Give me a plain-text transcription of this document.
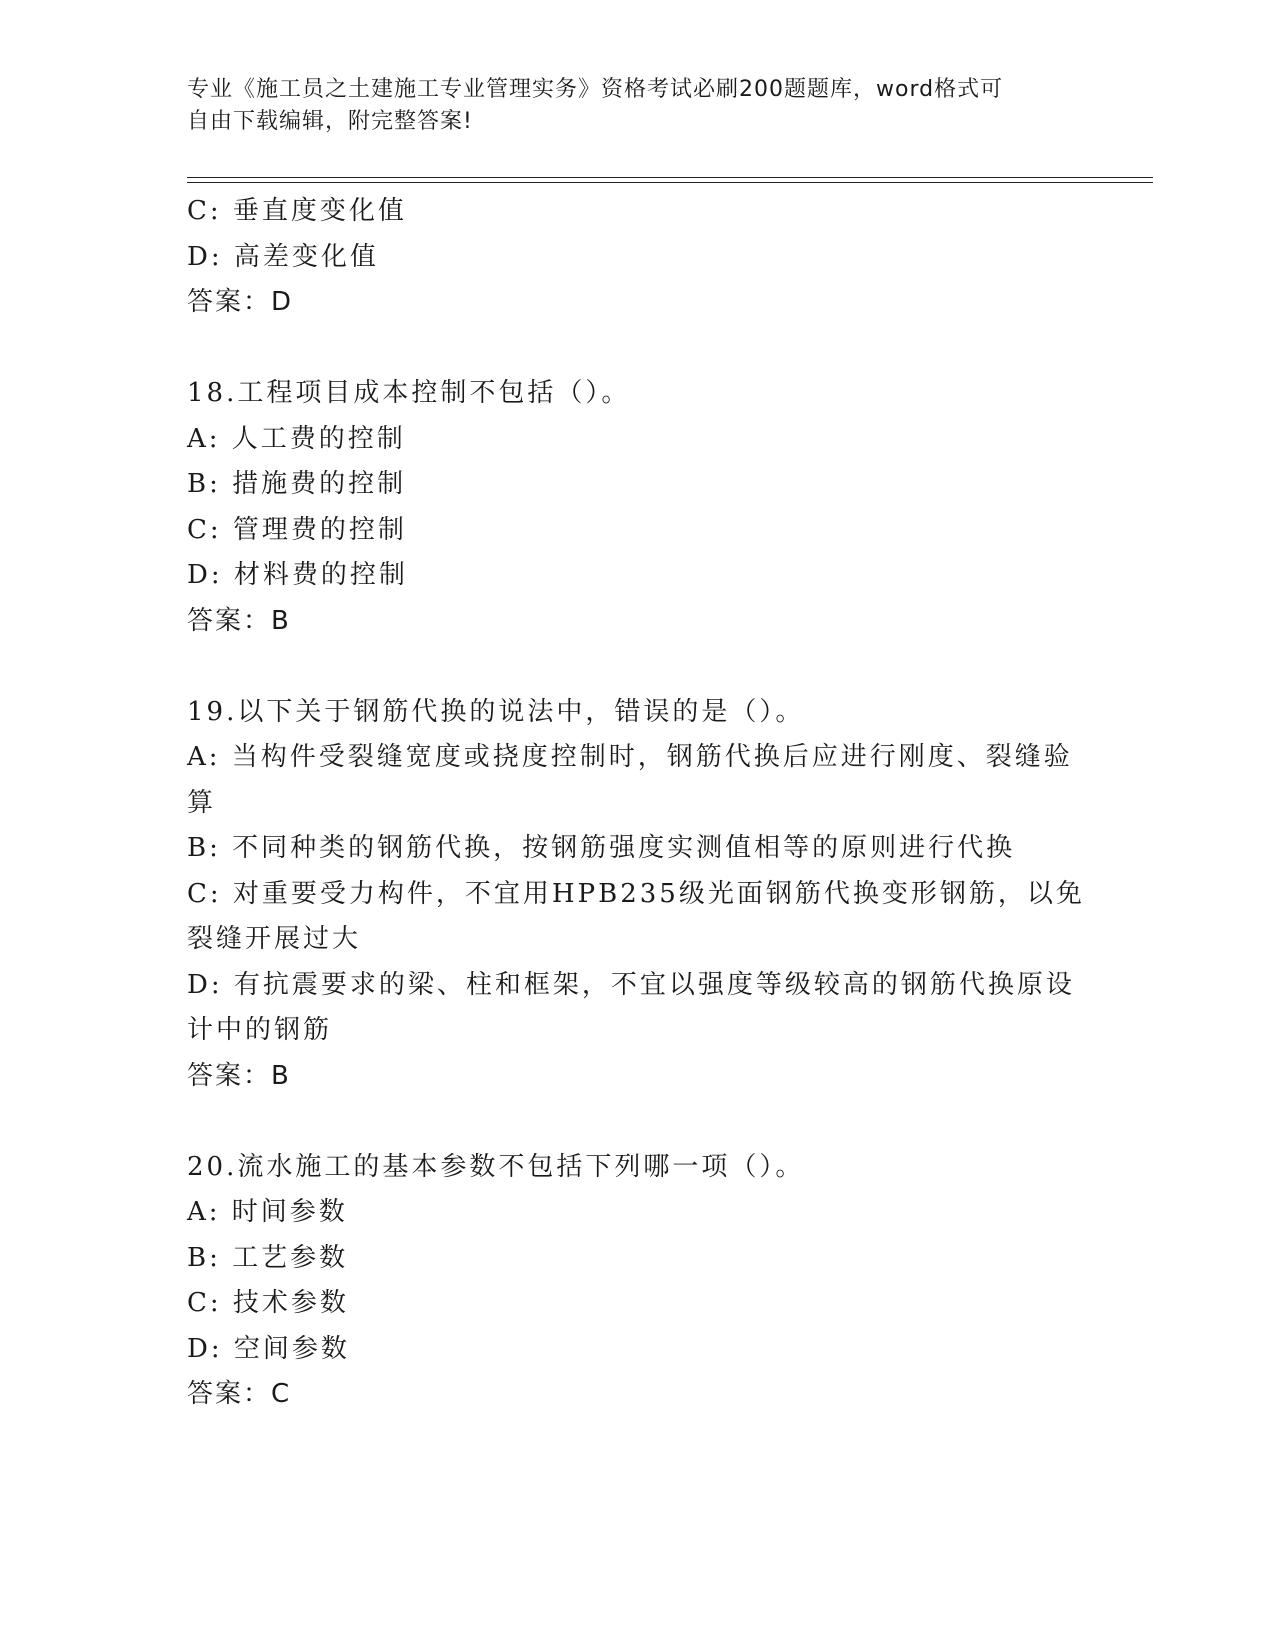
专业《施工员之土建施工专业管理实务》资格考试必刷200题题库，word格式可
自由下载编辑，附完整答案!
C: 垂直度变化值
D: 高差变化值
答案：D
18.工程项目成本控制不包括（）。
A: 人工费的控制
B: 措施费的控制
C: 管理费的控制
D: 材料费的控制
答案：B
19.以下关于钢筋代换的说法中，错误的是（）。
A: 当构件受裂缝宽度或挠度控制时，钢筋代换后应进行刚度、裂缝验
算
B: 不同种类的钢筋代换，按钢筋强度实测值相等的原则进行代换
C: 对重要受力构件，不宜用HPB235级光面钢筋代换变形钢筋，以免
裂缝开展过大
D: 有抗震要求的梁、柱和框架，不宜以强度等级较高的钢筋代换原设
计中的钢筋
答案：B
20.流水施工的基本参数不包括下列哪一项（）。
A: 时间参数
B: 工艺参数
C: 技术参数
D: 空间参数
答案：C
